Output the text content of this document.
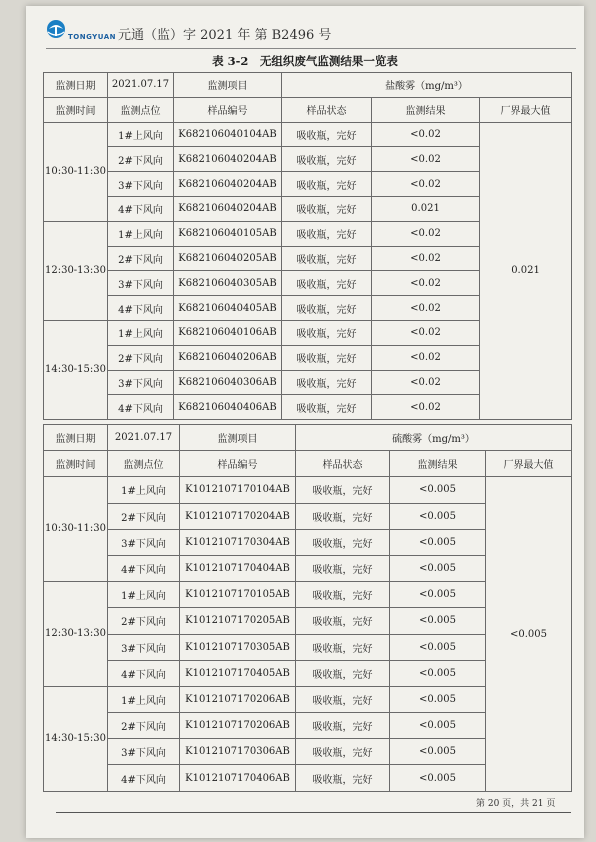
TONGYUAN 元通（监）字 2021 年 第 B2496 号
表 3-2　无组织废气监测结果一览表
监测日期	2021.07.17	监测项目	盐酸雾（mg/m³）		
监测时间	监测点位	样品编号	样品状态	监测结果	厂界最大值
10:30-11:30	1#上风向	K682106040104AB	吸收瓶，完好	<0.02	0.021
	2#下风向	K682106040204AB	吸收瓶，完好	<0.02	
	3#下风向	K682106040204AB	吸收瓶，完好	<0.02	
	4#下风向	K682106040204AB	吸收瓶，完好	0.021	
12:30-13:30	1#上风向	K682106040105AB	吸收瓶，完好	<0.02	
	2#下风向	K682106040205AB	吸收瓶，完好	<0.02	
	3#下风向	K682106040305AB	吸收瓶，完好	<0.02	
	4#下风向	K682106040405AB	吸收瓶，完好	<0.02	
14:30-15:30	1#上风向	K682106040106AB	吸收瓶，完好	<0.02	
	2#下风向	K682106040206AB	吸收瓶，完好	<0.02	
	3#下风向	K682106040306AB	吸收瓶，完好	<0.02	
	4#下风向	K682106040406AB	吸收瓶，完好	<0.02	
监测日期	2021.07.17	监测项目	硫酸雾（mg/m³）		
监测时间	监测点位	样品编号	样品状态	监测结果	厂界最大值
10:30-11:30	1#上风向	K1012107170104AB	吸收瓶，完好	<0.005	<0.005
	2#下风向	K1012107170204AB	吸收瓶，完好	<0.005	
	3#下风向	K1012107170304AB	吸收瓶，完好	<0.005	
	4#下风向	K1012107170404AB	吸收瓶，完好	<0.005	
12:30-13:30	1#上风向	K1012107170105AB	吸收瓶，完好	<0.005	
	2#下风向	K1012107170205AB	吸收瓶，完好	<0.005	
	3#下风向	K1012107170305AB	吸收瓶，完好	<0.005	
	4#下风向	K1012107170405AB	吸收瓶，完好	<0.005	
14:30-15:30	1#上风向	K1012107170206AB	吸收瓶，完好	<0.005	
	2#下风向	K1012107170206AB	吸收瓶，完好	<0.005	
	3#下风向	K1012107170306AB	吸收瓶，完好	<0.005	
	4#下风向	K1012107170406AB	吸收瓶，完好	<0.005	
第 20 页，共 21 页
